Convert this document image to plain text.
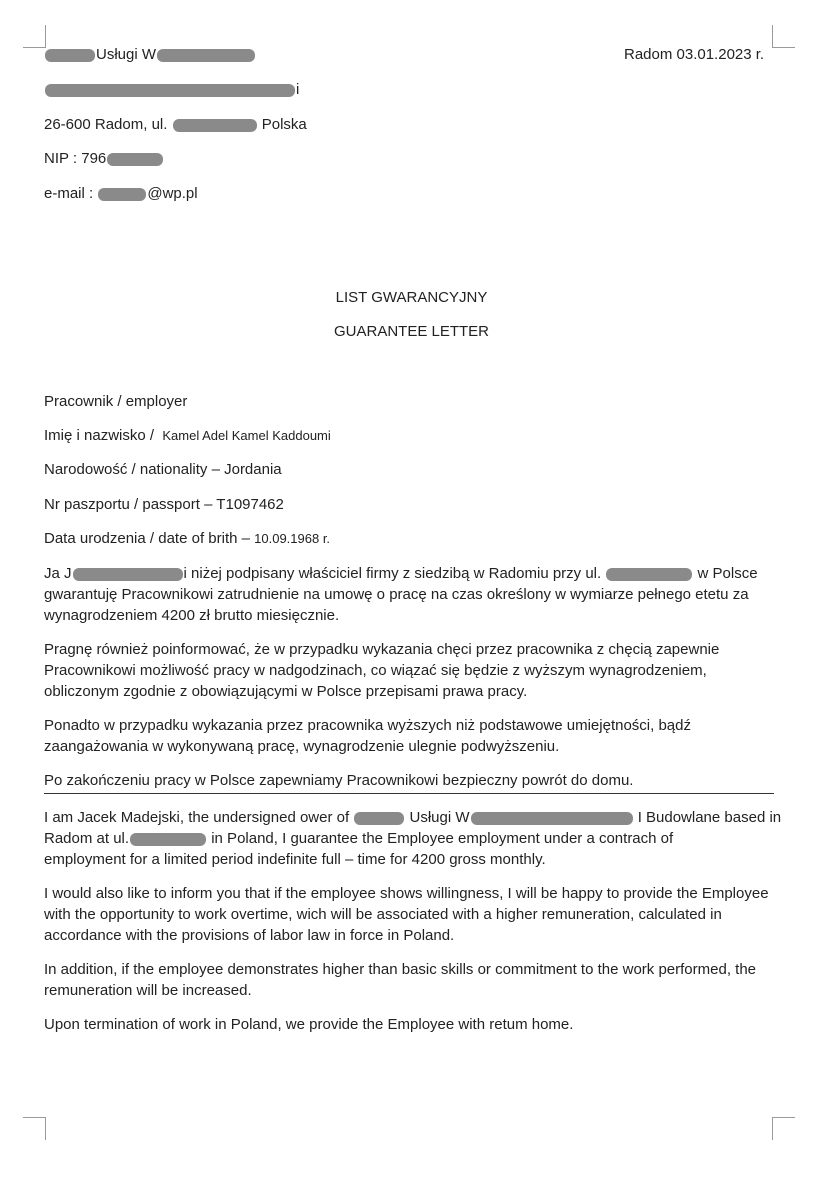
Usługi W	Radom 03.01.2023 r.
i
26-600 Radom, ul.	Polska
NIP : 796
e-mail :	@wp.pl
LIST GWARANCYJNY
GUARANTEE LETTER
Pracownik / employer
Imię i nazwisko / Kamel Adel Kamel Kaddoumi
Narodowość / nationality – Jordania
Nr paszportu / passport – T1097462
Data urodzenia / date of brith – 10.09.1968 r.
Ja J	i niżej podpisany właściciel firmy z siedzibą w Radomiu przy ul.	w Polsce
gwarantuję Pracownikowi zatrudnienie na umowę o pracę na czas określony w wymiarze pełnego etetu za
wynagrodzeniem 4200 zł brutto miesięcznie.
Pragnę również poinformować, że w przypadku wykazania chęci przez pracownika z chęcią zapewnie Pracownikowi możliwość pracy w nadgodzinach, co wiązać się będzie z wyższym wynagrodzeniem, obliczonym zgodnie z obowiązującymi w Polsce przepisami prawa pracy.
Ponadto w przypadku wykazania przez pracownika wyższych niż podstawowe umiejętności, bądź zaangażowania w wykonywaną pracę, wynagrodzenie ulegnie podwyższeniu.
Po zakończeniu pracy w Polsce zapewniamy Pracownikowi bezpieczny powrót do domu.
I am Jacek Madejski, the undersigned ower of	Usługi W	I Budowlane based in
Radom at ul.	in Poland, I guarantee the Employee employment under a contrach of
employment for a limited period indefinite full – time for 4200 gross monthly.
I would also like to inform you that if the employee shows willingness, I will be happy to provide the Employee with the opportunity to work overtime, wich will be associated with a higher remuneration, calculated in accordance with the provisions of labor law in force in Poland.
In addition, if the employee demonstrates higher than basic skills or commitment to the work performed, the remuneration will be increased.
Upon termination of work in Poland, we provide the Employee with retum home.
